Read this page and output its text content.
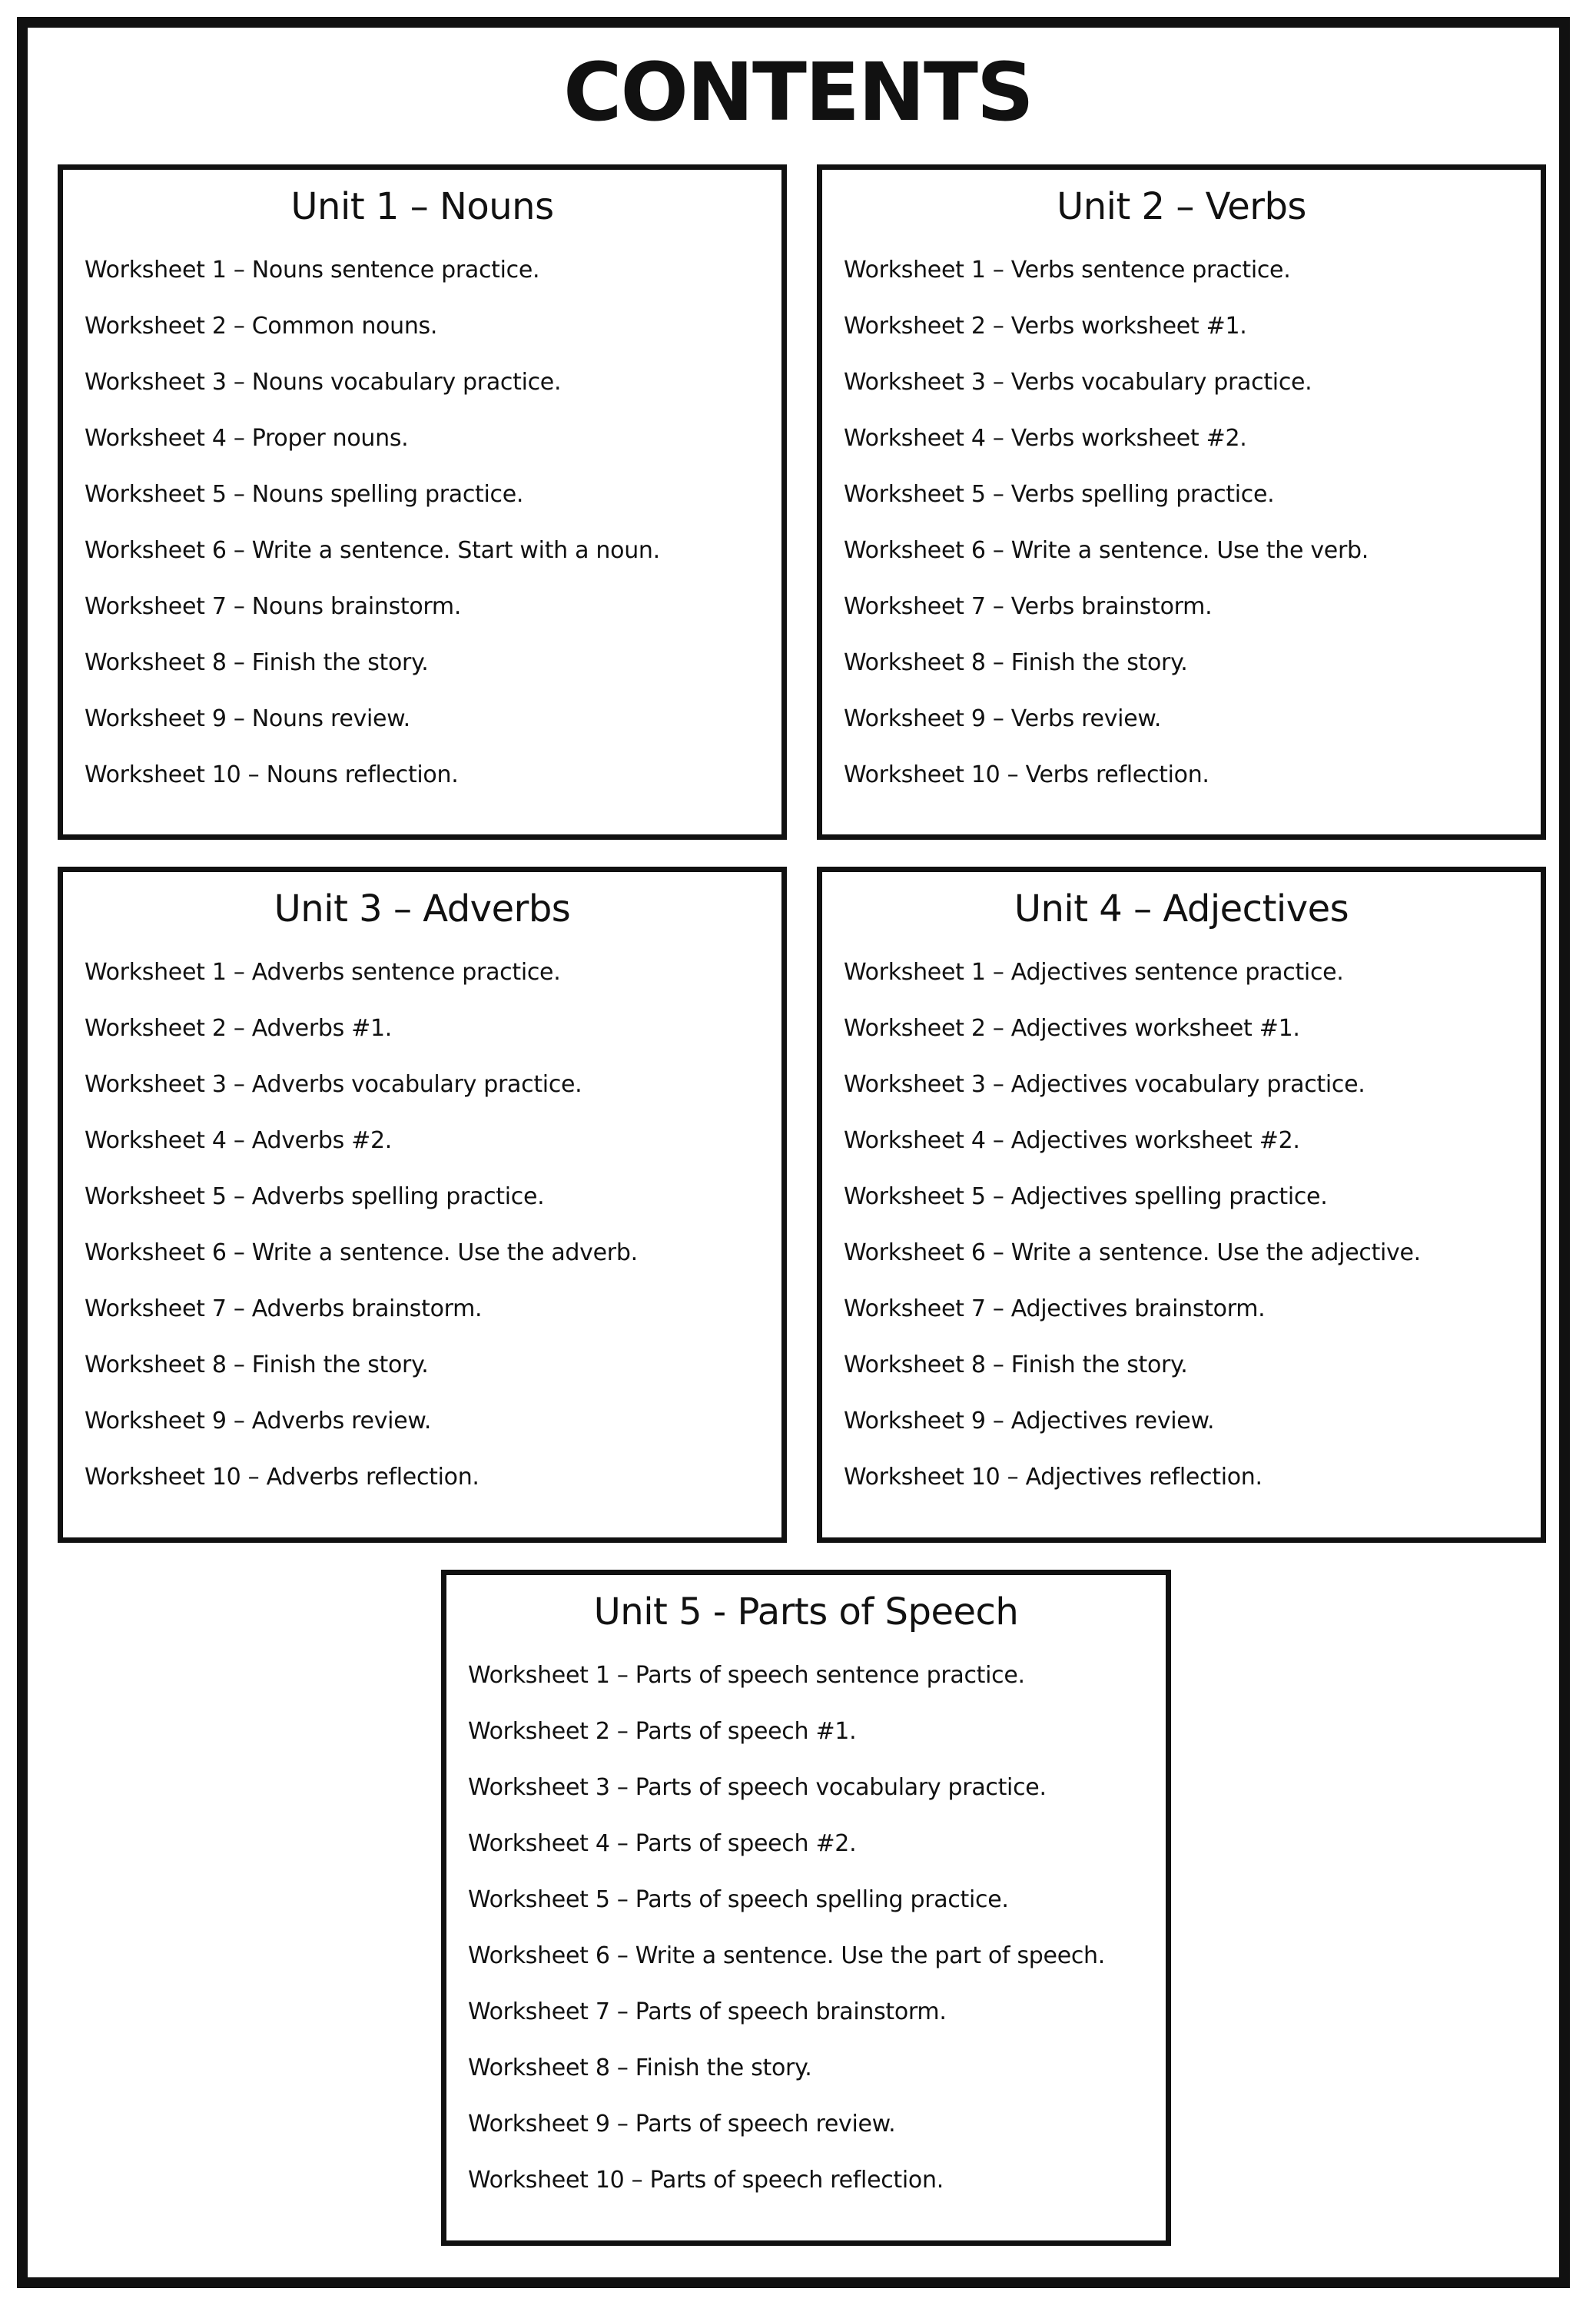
CONTENTS
Unit 1 – Nouns
Worksheet 1 – Nouns sentence practice.
Worksheet 2 – Common nouns.
Worksheet 3 – Nouns vocabulary practice.
Worksheet 4 – Proper nouns.
Worksheet 5 – Nouns spelling practice.
Worksheet 6 – Write a sentence. Start with a noun.
Worksheet 7 – Nouns brainstorm.
Worksheet 8 – Finish the story.
Worksheet 9 – Nouns review.
Worksheet 10 – Nouns reflection.
Unit 2 – Verbs
Worksheet 1 – Verbs sentence practice.
Worksheet 2 – Verbs worksheet #1.
Worksheet 3 – Verbs vocabulary practice.
Worksheet 4 – Verbs worksheet #2.
Worksheet 5 – Verbs spelling practice.
Worksheet 6 – Write a sentence. Use the verb.
Worksheet 7 – Verbs brainstorm.
Worksheet 8 – Finish the story.
Worksheet 9 – Verbs review.
Worksheet 10 – Verbs reflection.
Unit 3 – Adverbs
Worksheet 1 – Adverbs sentence practice.
Worksheet 2 – Adverbs #1.
Worksheet 3 – Adverbs vocabulary practice.
Worksheet 4 – Adverbs #2.
Worksheet 5 – Adverbs spelling practice.
Worksheet 6 – Write a sentence. Use the adverb.
Worksheet 7 – Adverbs brainstorm.
Worksheet 8 – Finish the story.
Worksheet 9 – Adverbs review.
Worksheet 10 – Adverbs reflection.
Unit 4 – Adjectives
Worksheet 1 – Adjectives sentence practice.
Worksheet 2 – Adjectives worksheet #1.
Worksheet 3 – Adjectives vocabulary practice.
Worksheet 4 – Adjectives worksheet #2.
Worksheet 5 – Adjectives spelling practice.
Worksheet 6 – Write a sentence. Use the adjective.
Worksheet 7 – Adjectives brainstorm.
Worksheet 8 – Finish the story.
Worksheet 9 – Adjectives review.
Worksheet 10 – Adjectives reflection.
Unit 5 - Parts of Speech
Worksheet 1 – Parts of speech sentence practice.
Worksheet 2 – Parts of speech #1.
Worksheet 3 – Parts of speech vocabulary practice.
Worksheet 4 – Parts of speech #2.
Worksheet 5 – Parts of speech spelling practice.
Worksheet 6 – Write a sentence. Use the part of speech.
Worksheet 7 – Parts of speech brainstorm.
Worksheet 8 – Finish the story.
Worksheet 9 – Parts of speech review.
Worksheet 10 – Parts of speech reflection.
